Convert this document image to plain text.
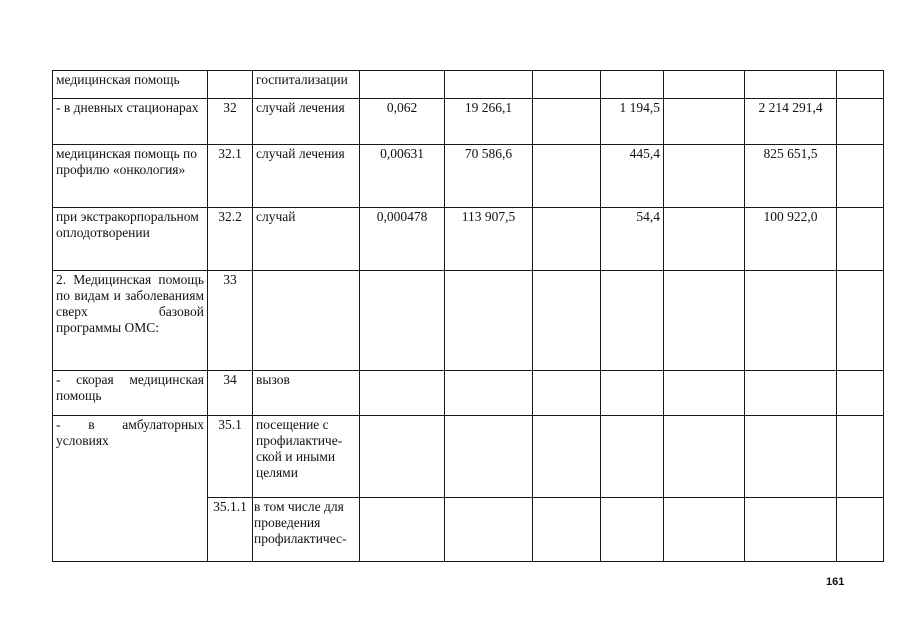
медицинская помощь		госпитализации							
- в дневных стационарах	32	случай лечения	0,062	19 266,1		1 194,5		2 214 291,4	
медицинская помощь по профилю «онкология»	32.1	случай лечения	0,00631	70 586,6		445,4		825 651,5	
при экстракорпоральном оплодотворении	32.2	случай	0,000478	113 907,5		54,4		100 922,0	
2. Медицинская помощь по видам и заболеваниям сверх базовой программы ОМС:	33								
- скорая медицинская помощь	34	вызов							
- в амбулаторных условиях	35.1	посещение с профилактиче-ской и иными целями							
	35.1.1	в том числе для проведения профилактичес-							
161
